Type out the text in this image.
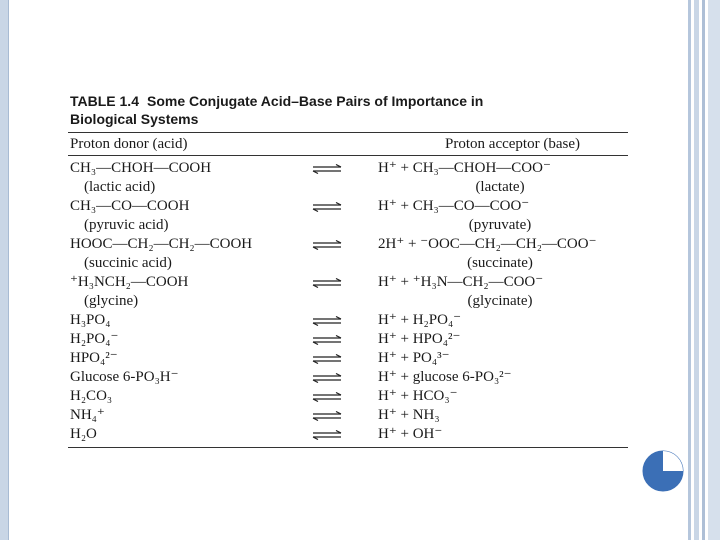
TABLE 1.4 Some Conjugate Acid–Base Pairs of Importance in Biological Systems
Proton donor (acid)	Proton acceptor (base)
CH₃—CHOH—COOH	H⁺ + CH₃—CHOH—COO⁻
(lactic acid)	(lactate)
CH₃—CO—COOH	H⁺ + CH₃—CO—COO⁻
(pyruvic acid)	(pyruvate)
HOOC—CH₂—CH₂—COOH	2H⁺ + ⁻OOC—CH₂—CH₂—COO⁻
(succinic acid)	(succinate)
⁺H₃NCH₂—COOH	H⁺ + ⁺H₃N—CH₂—COO⁻
(glycine)	(glycinate)
H₃PO₄	H⁺ + H₂PO₄⁻
H₂PO₄⁻	H⁺ + HPO₄²⁻
HPO₄²⁻	H⁺ + PO₄³⁻
Glucose 6-PO₃H⁻	H⁺ + glucose 6-PO₃²⁻
H₂CO₃	H⁺ + HCO₃⁻
NH₄⁺	H⁺ + NH₃
H₂O	H⁺ + OH⁻
